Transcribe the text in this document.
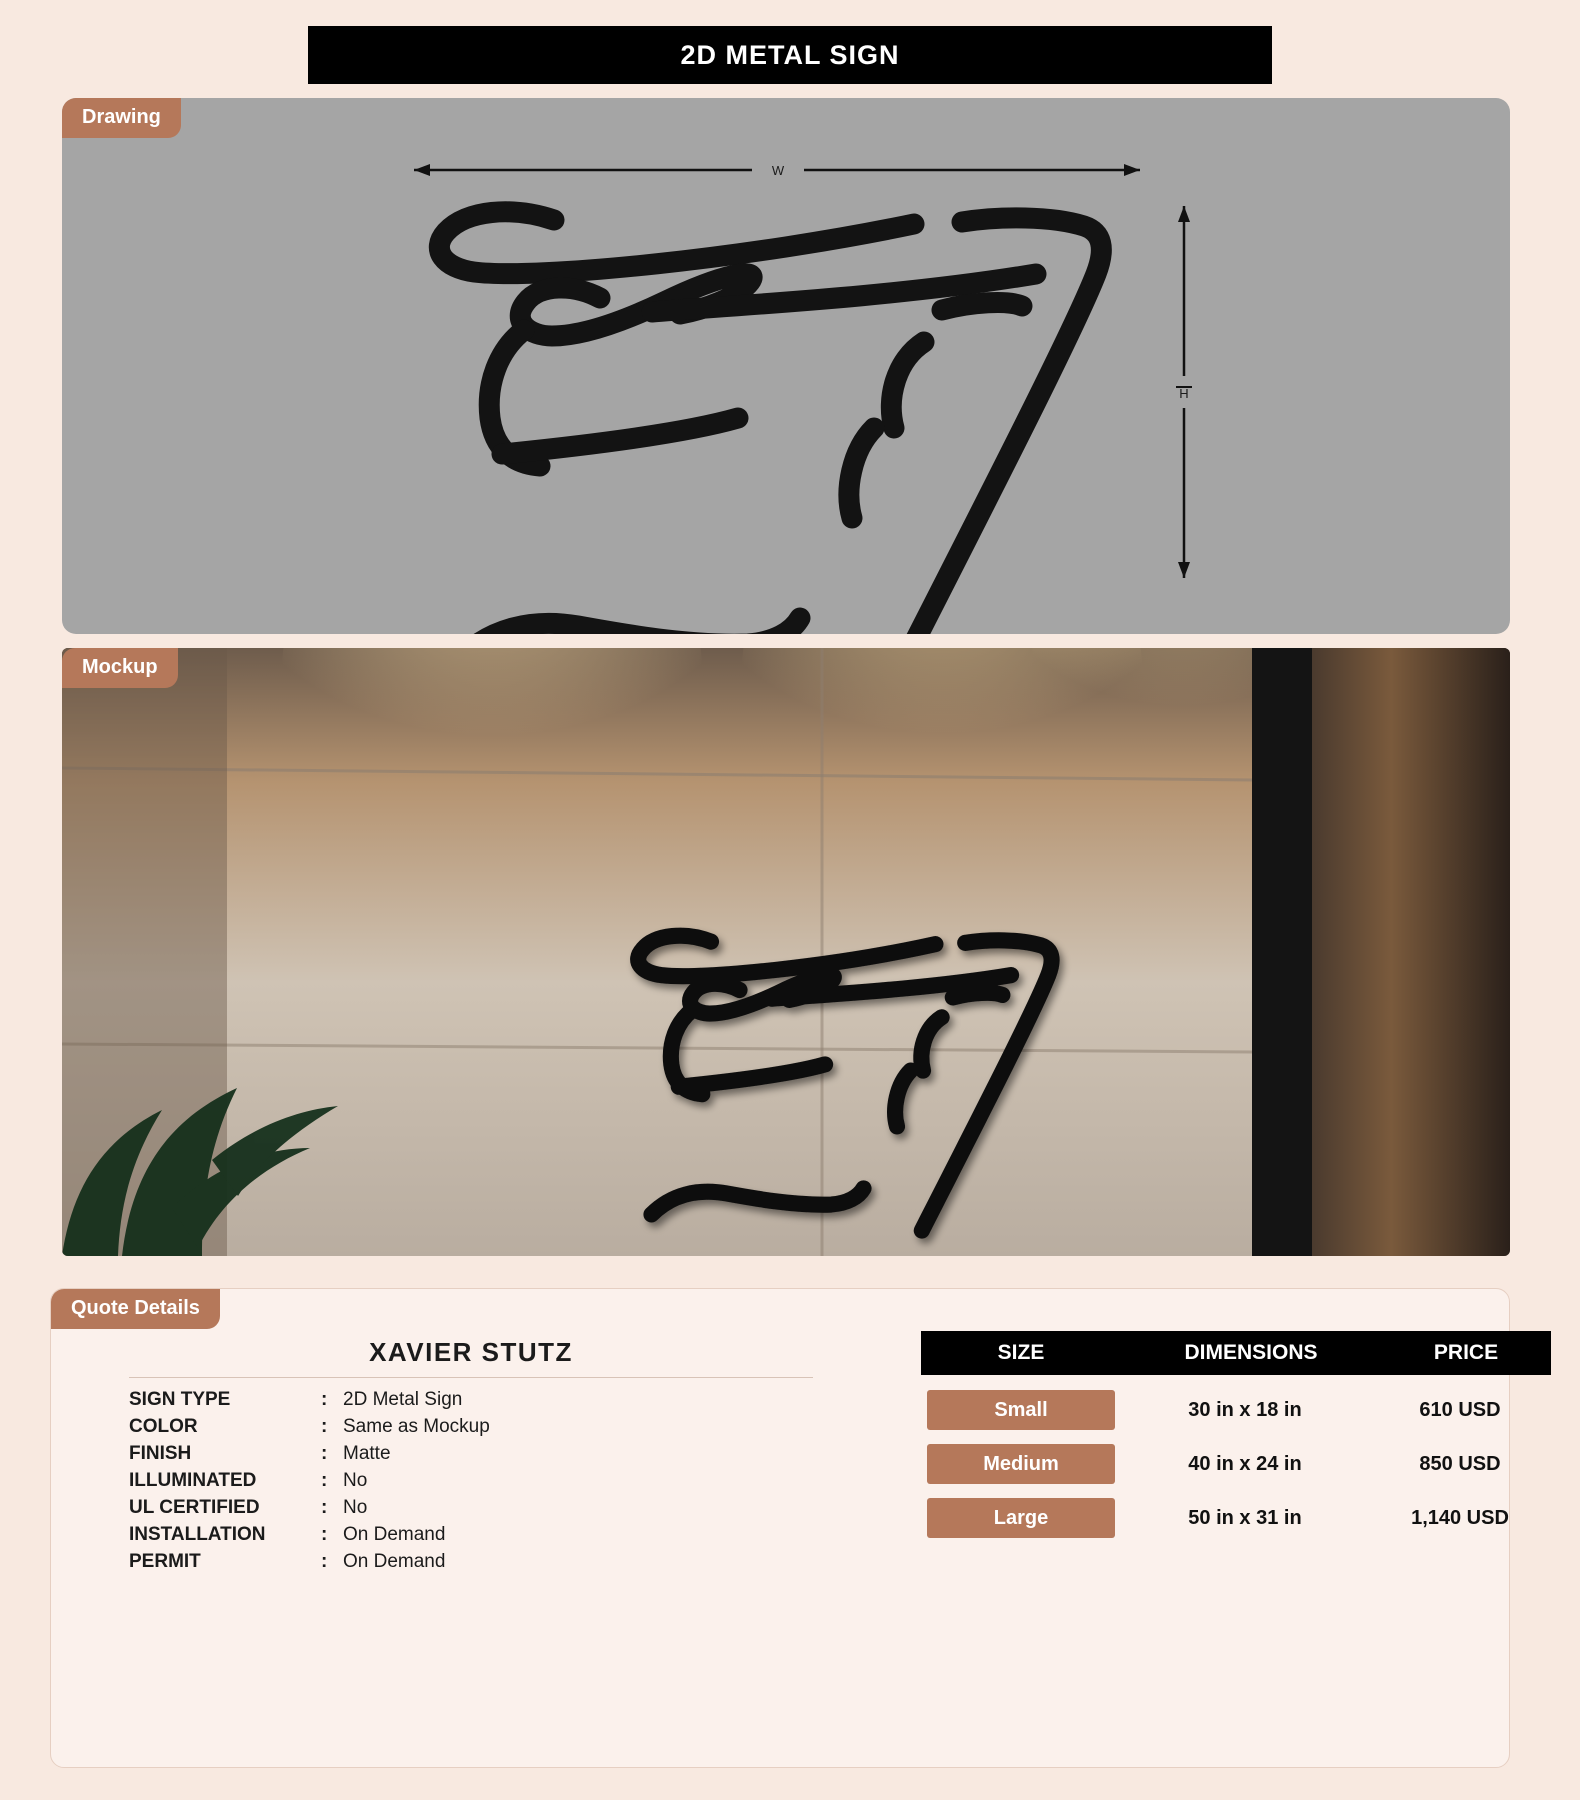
2D METAL SIGN
W
H
Drawing
Mockup
Quote Details
XAVIER STUTZ
SIGN TYPE	: 2D Metal Sign
COLOR	: Same as Mockup
FINISH	: Matte
ILLUMINATED	: No
UL CERTIFIED	: No
INSTALLATION	: On Demand
PERMIT	: On Demand
SIZE	DIMENSIONS	PRICE
Small	30 in x 18 in	610 USD
Medium	40 in x 24 in	850 USD
Large	50 in x 31 in	1,140 USD
